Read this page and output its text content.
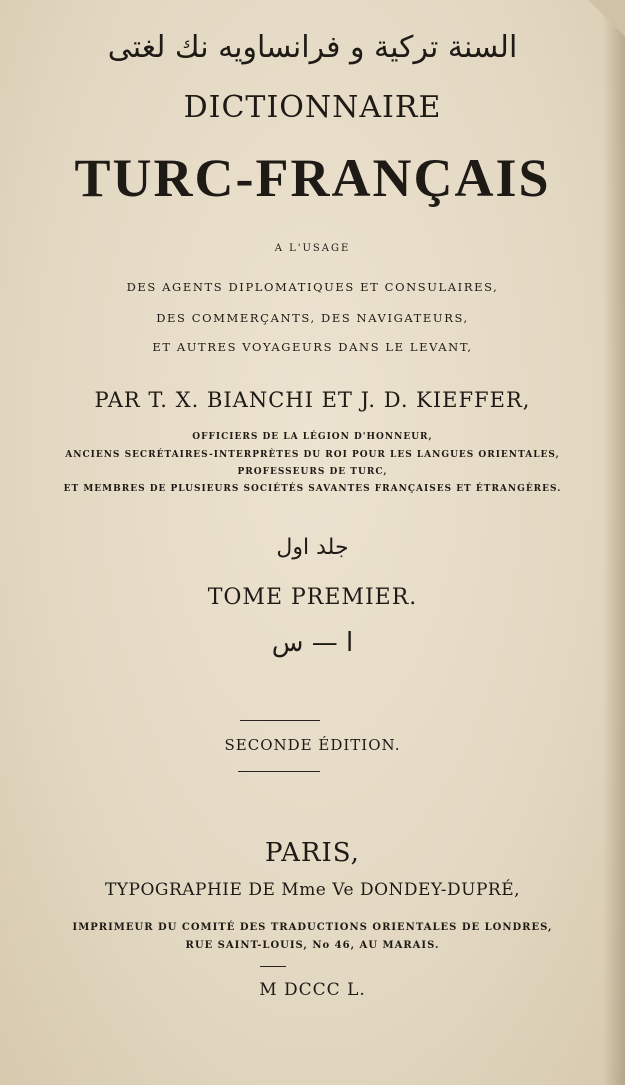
السنة تركية و فرانساويه نك لغتى
DICTIONNAIRE
TURC-FRANÇAIS
A L'USAGE
DES AGENTS DIPLOMATIQUES ET CONSULAIRES,
DES COMMERÇANTS, DES NAVIGATEURS,
ET AUTRES VOYAGEURS DANS LE LEVANT,
PAR T. X. BIANCHI ET J. D. KIEFFER,
OFFICIERS DE LA LÉGION D'HONNEUR,
ANCIENS SECRÉTAIRES-INTERPRÈTES DU ROI POUR LES LANGUES ORIENTALES,
PROFESSEURS DE TURC,
ET MEMBRES DE PLUSIEURS SOCIÉTÉS SAVANTES FRANÇAISES ET ÉTRANGÈRES.
جلد اول
TOME PREMIER.
ا — س
SECONDE ÉDITION.
PARIS,
TYPOGRAPHIE DE Mme Ve DONDEY-DUPRÉ,
IMPRIMEUR DU COMITÉ DES TRADUCTIONS ORIENTALES DE LONDRES,
RUE SAINT-LOUIS, No 46, AU MARAIS.
M DCCC L.
